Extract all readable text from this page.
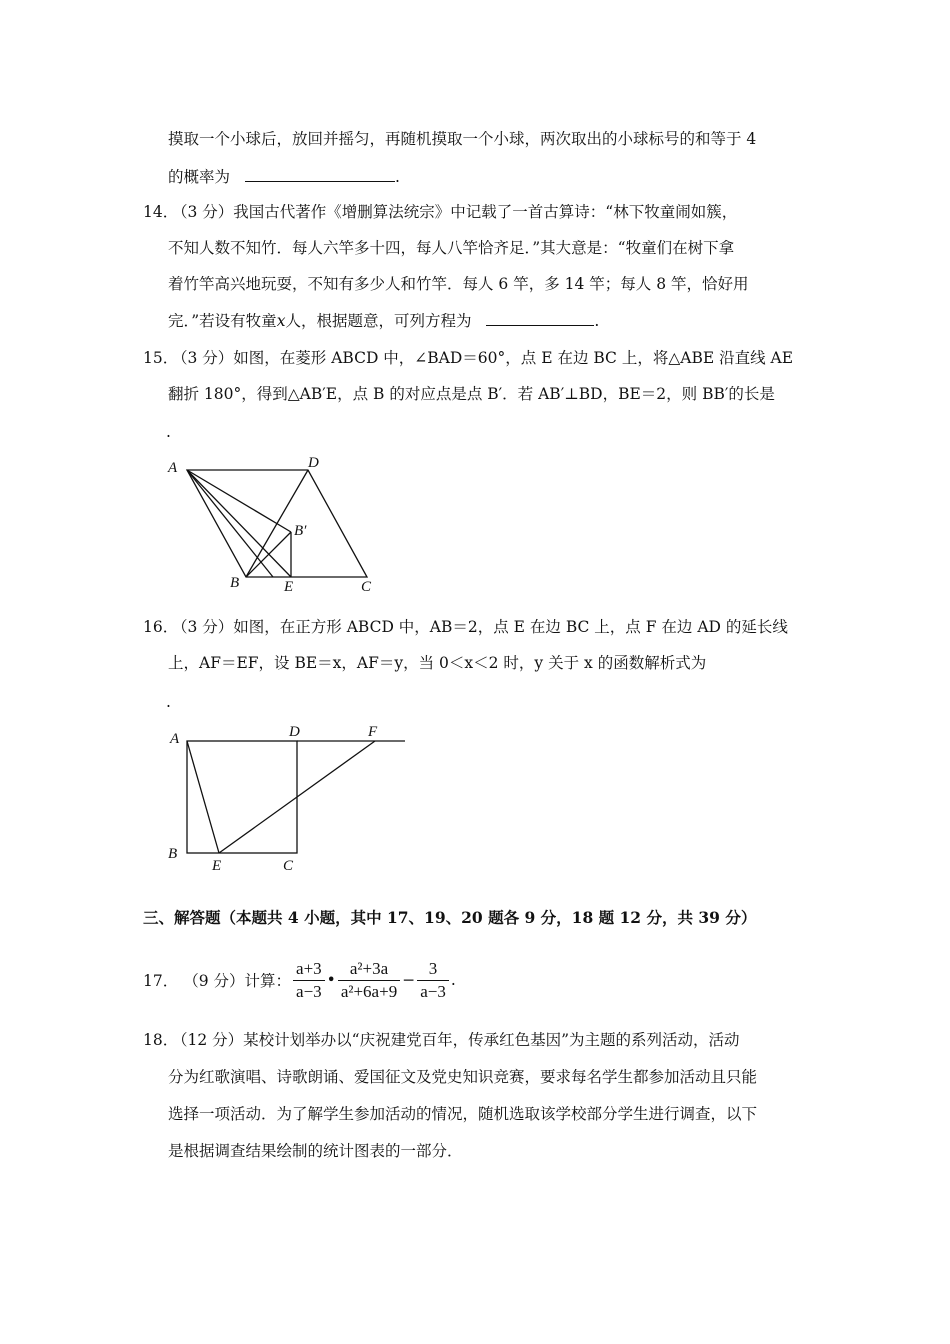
摸取一个小球后，放回并摇匀，再随机摸取一个小球，两次取出的小球标号的和等于 4
的概率为	.
14．
（3 分）我国古代著作《增删算法统宗》中记载了一首古算诗：“林下牧童闹如簇，
不知人数不知竹．每人六竿多十四，每人八竿恰齐足．”其大意是：“牧童们在树下拿
着竹竿高兴地玩耍，不知有多少人和竹竿．每人 6 竿，多 14 竿；每人 8 竿，恰好用
完．”若设有牧童x人，根据题意，可列方程为	.
15．
（3 分）如图，在菱形 ABCD 中，∠BAD＝60°，点 E 在边 BC 上，将△ABE 沿直线 AE
翻折 180°，得到△AB′E，点 B 的对应点是点 B′．若 AB′⊥BD，BE＝2，则 BB′的长是
.
A	D
B′
B	E	C
16．
（3 分）如图，在正方形 ABCD 中，AB＝2，点 E 在边 BC 上，点 F 在边 AD 的延长线
上，AF＝EF，设 BE＝x，AF＝y，当 0＜x＜2 时，y 关于 x 的函数解析式为
.
A	D	F
B
E	C
三、解答题（本题共 4 小题，其中 17、19、20 题各 9 分，18 题 12 分，共 39 分）
17． （9 分）计算： $\frac{a+3}{a-3}$ • $\frac{\text{a²+3a}}{\text{a²+6a+9}} - \frac{3}{a-3}$ .
18．
（12 分）某校计划举办以“庆祝建党百年，传承红色基因”为主题的系列活动，活动
分为红歌演唱、诗歌朗诵、爱国征文及党史知识竞赛，要求每名学生都参加活动且只能
选择一项活动．为了解学生参加活动的情况，随机选取该学校部分学生进行调查，以下
是根据调查结果绘制的统计图表的一部分．
